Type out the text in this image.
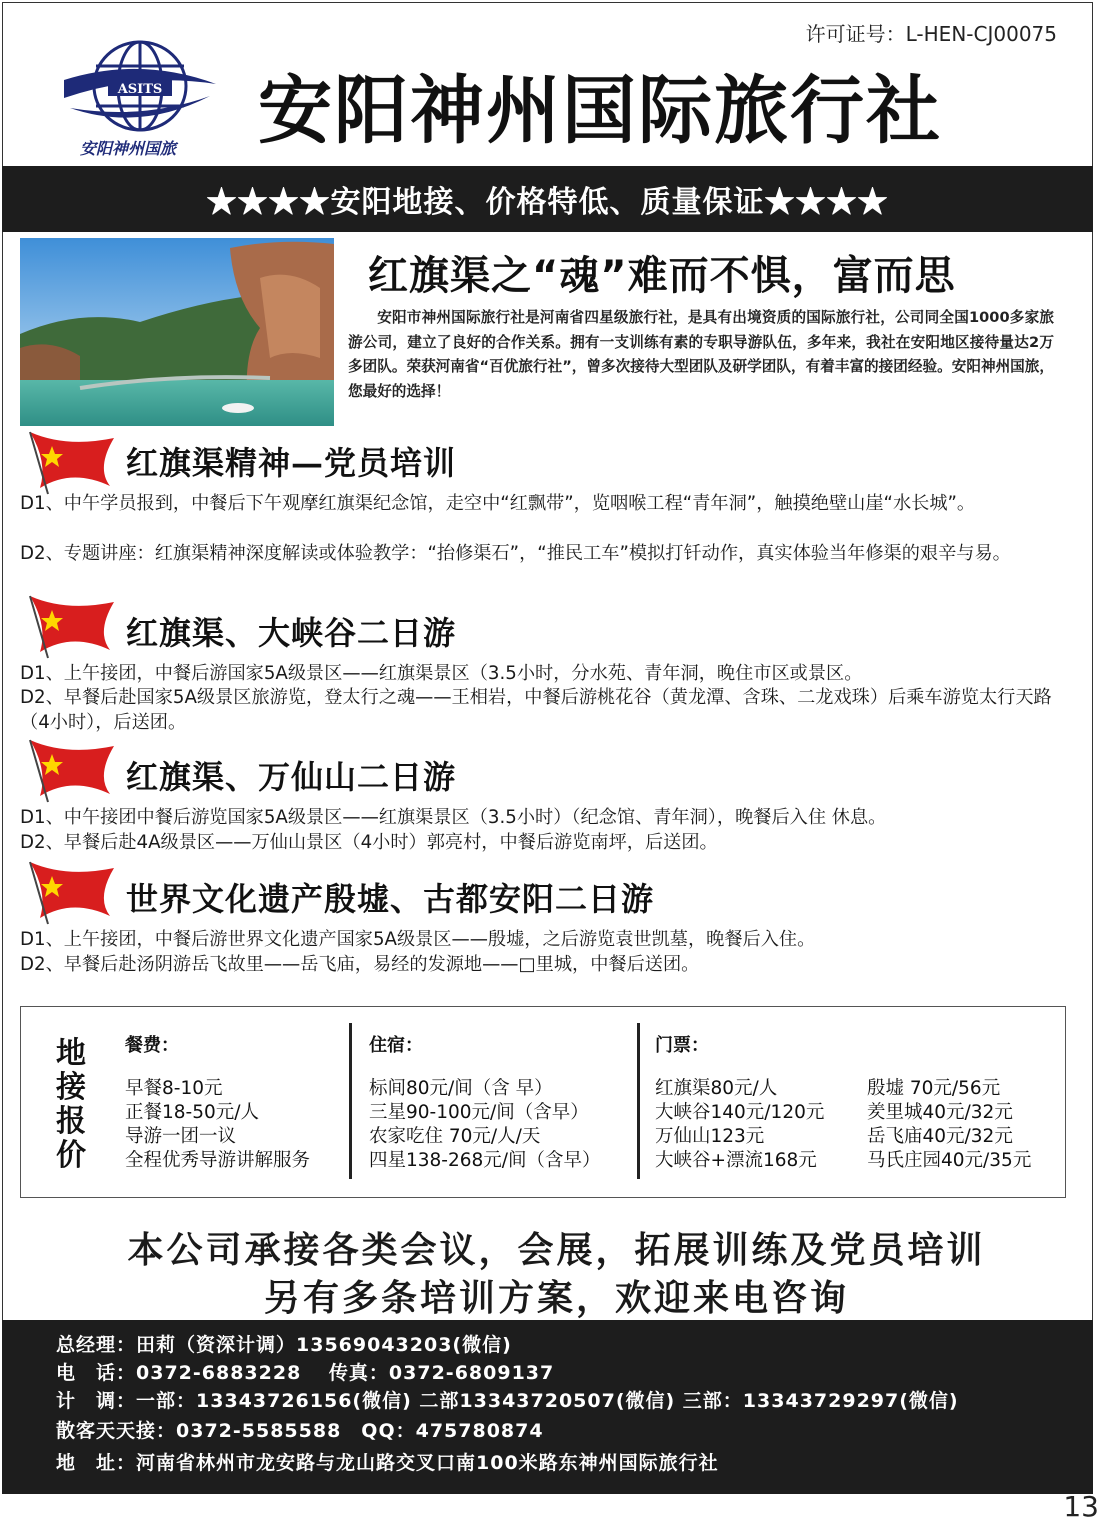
许可证号：L-HEN-CJ00075
ASITS
安阳神州国旅 安阳神州国际旅行社
★★★★安阳地接、价格特低、质量保证★★★★
红旗渠之“魂”难而不惧，富而思
安阳市神州国际旅行社是河南省四星级旅行社，是具有出境资质的国际旅行社，公司同全国1000多家旅游公司，建立了良好的合作关系。拥有一支训练有素的专职导游队伍，多年来，我社在安阳地区接待量达2万多团队。荣获河南省“百优旅行社”，曾多次接待大型团队及研学团队，有着丰富的接团经验。安阳神州国旅，您最好的选择！
红旗渠精神—党员培训
D1、中午学员报到，中餐后下午观摩红旗渠纪念馆，走空中“红飘带”，览咽喉工程“青年洞”，触摸绝壁山崖“水长城”。
D2、专题讲座：红旗渠精神深度解读或体验教学：“抬修渠石”，“推民工车”模拟打钎动作，真实体验当年修渠的艰辛与易。
红旗渠、大峡谷二日游
D1、上午接团，中餐后游国家5A级景区——红旗渠景区（3.5小时，分水苑、青年洞，晚住市区或景区。
D2、早餐后赴国家5A级景区旅游览，登太行之魂——王相岩，中餐后游桃花谷（黄龙潭、含珠、二龙戏珠）后乘车游览太行天路（4小时），后送团。
红旗渠、万仙山二日游
D1、中午接团中餐后游览国家5A级景区——红旗渠景区（3.5小时）（纪念馆、青年洞），晚餐后入住 休息。
D2、早餐后赴4A级景区——万仙山景区（4小时）郭亮村，中餐后游览南坪，后送团。
世界文化遗产殷墟、古都安阳二日游
D1、上午接团，中餐后游世界文化遗产国家5A级景区——殷墟，之后游览袁世凯墓，晚餐后入住。
D2、早餐后赴汤阴游岳飞故里——岳飞庙，易经的发源地——□里城，中餐后送团。
地接报价
餐费：
早餐8-10元
正餐18-50元/人
导游一团一议
全程优秀导游讲解服务
住宿：
标间80元/间（含 早）
三星90-100元/间（含早）
农家吃住 70元/人/天
四星138-268元/间（含早）
门票：
红旗渠80元/人
大峡谷140元/120元
万仙山123元
大峡谷+漂流168元
殷墟 70元/56元
羑里城40元/32元
岳飞庙40元/32元
马氏庄园40元/35元
本公司承接各类会议，会展，拓展训练及党员培训
另有多条培训方案，欢迎来电咨询
总经理：田莉（资深计调）13569043203(微信)
电　话：0372-6883228　 传真：0372-6809137
计　调：一部：13343726156(微信) 二部13343720507(微信) 三部：13343729297(微信)
散客天天接：0372-5585588　QQ：475780874
地　址：河南省林州市龙安路与龙山路交叉口南100米路东神州国际旅行社
13
